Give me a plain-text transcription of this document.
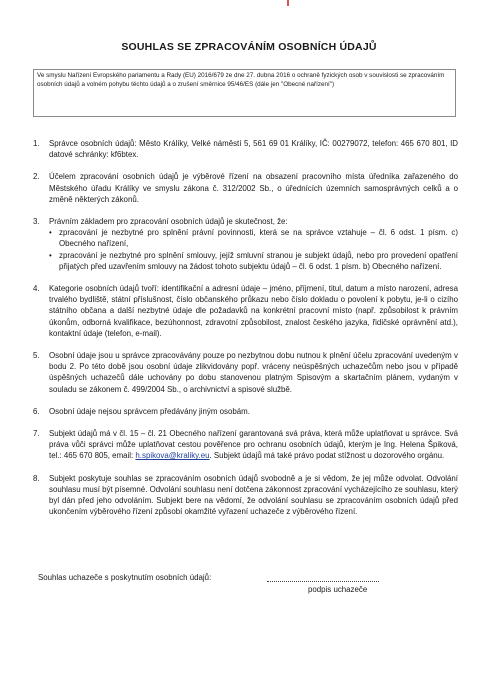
SOUHLAS SE ZPRACOVÁNÍM OSOBNÍCH ÚDAJŮ

Ve smyslu Nařízení Evropského parlamentu a Rady (EU) 2016/679 ze dne 27. dubna 2016 o ochraně fyzických osob v souvislosti se zpracováním osobních údajů a volném pohybu těchto údajů a o zrušení směrnice 95/46/ES (dále jen "Obecné nařízení")

1.	Správce osobních údajů: Město Králíky, Velké náměstí 5, 561 69 01 Králíky, IČ: 00279072, telefon: 465 670 801, ID datové schránky: kf6btex.

2.	Účelem zpracování osobních údajů je výběrové řízení na obsazení pracovního místa úředníka zařazeného do Městského úřadu Králíky ve smyslu zákona č. 312/2002 Sb., o úřednících územních samosprávných celků a o změně některých zákonů.

3.	Právním základem pro zpracování osobních údajů je skutečnost, že:

• zpracování je nezbytné pro splnění právní povinnosti, která se na správce vztahuje – čl. 6 odst. 1 písm. c) Obecného nařízení,
• zpracování je nezbytné pro splnění smlouvy, jejíž smluvní stranou je subjekt údajů, nebo pro provedení opatření přijatých před uzavřením smlouvy na žádost tohoto subjektu údajů – čl. 6 odst. 1 písm. b) Obecného nařízení.
4.	Kategorie osobních údajů tvoří: identifikační a adresní údaje – jméno, příjmení, titul, datum a místo narození, adresa trvalého bydliště, státní příslušnost, číslo občanského průkazu nebo číslo dokladu o povolení k pobytu, je-li o cizího státního občana a další nezbytné údaje dle požadavků na konkrétní pracovní místo (např. způsobilost k právním úkonům, odborná kvalifikace, bezúhonnost, zdravotní způsobilost, znalost českého jazyka, řidičské oprávnění atd.), kontaktní údaje (telefon, e-mail).

5.	Osobní údaje jsou u správce zpracovávány pouze po nezbytnou dobu nutnou k plnění účelu zpracování uvedeným v bodu 2. Po této době jsou osobní údaje zlikvidovány popř. vráceny neúspěšných uchazečům nebo jsou v případě úspěšných uchazečů dále uchovány po dobu stanovenou platným Spisovým a skartačním plánem, vydaným v souladu se zákonem č. 499/2004 Sb., o archivnictví a spisové službě.

6.	Osobní údaje nejsou správcem předávány jiným osobám.

7.	Subjekt údajů má v čl. 15 – čl. 21 Obecného nařízení garantovaná svá práva, která může uplatňovat u správce. Svá práva vůči správci může uplatňovat cestou pověřence pro ochranu osobních údajů, kterým je Ing. Helena Špiková, tel.: 465 670 805, email: h.spikova@kraliky.eu. Subjekt údajů má také právo podat stížnost u dozorového orgánu.

8.	Subjekt poskytuje souhlas se zpracováním osobních údajů svobodně a je si vědom, že jej může odvolat. Odvolání souhlasu musí být písemné. Odvolání souhlasu není dotčena zákonnost zpracování vycházejícího ze souhlasu, který byl dán před jeho odvoláním. Subjekt bere na vědomí, že odvolání souhlasu se zpracováním osobních údajů před ukončením výběrového řízení způsobí okamžité vyřazení uchazeče z výběrového řízení.

Souhlas uchazeče s poskytnutím osobních údajů:
podpis uchazeče
